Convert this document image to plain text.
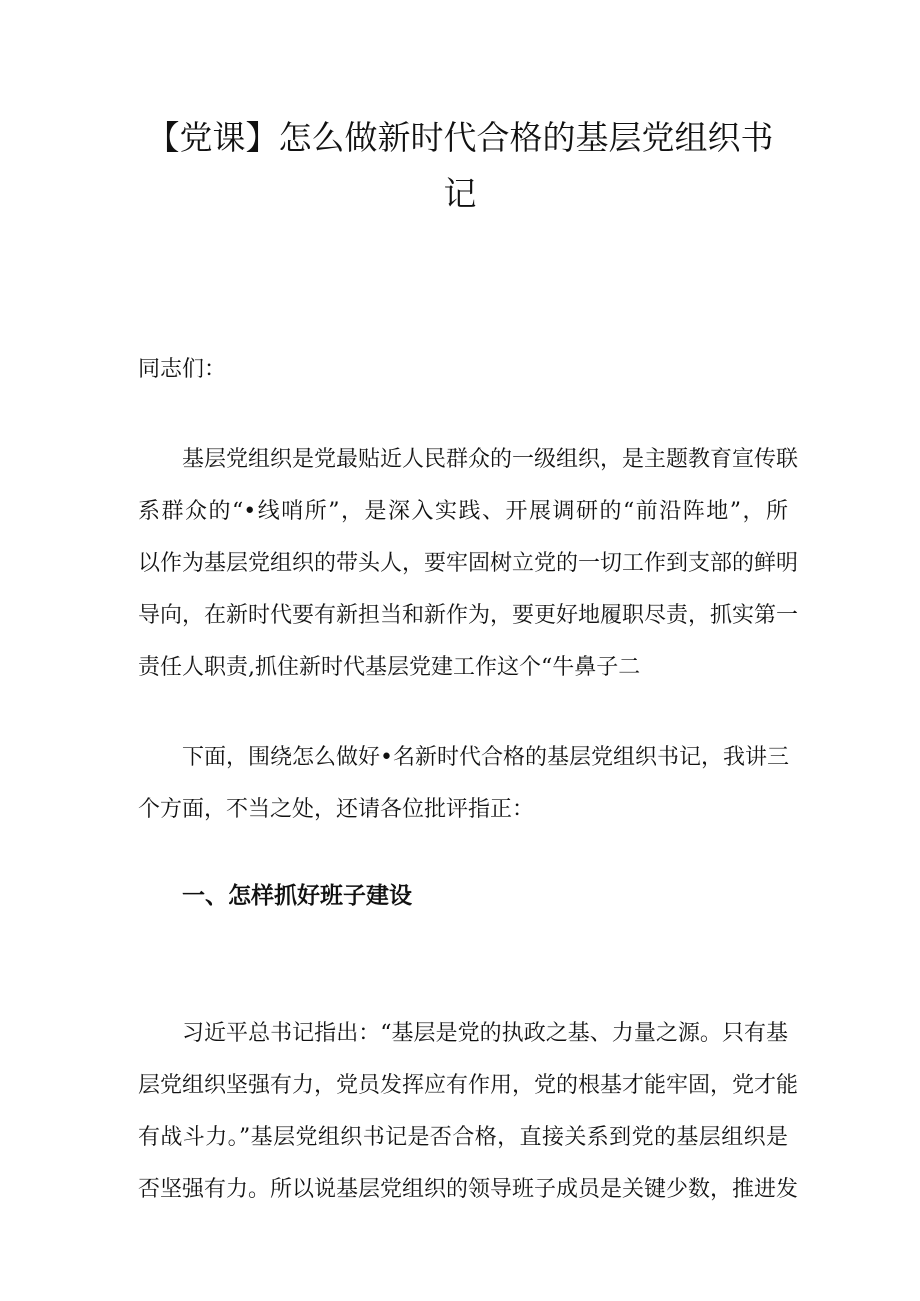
【党课】怎么做新时代合格的基层党组织书
记

同志们：

基层党组织是党最贴近人民群众的一级组织，是主题教育宣传联
系群众的“•线哨所”，是深入实践、开展调研的“前沿阵地”，所
以作为基层党组织的带头人，要牢固树立党的一切工作到支部的鲜明
导向，在新时代要有新担当和新作为，要更好地履职尽责，抓实第一
责任人职责,抓住新时代基层党建工作这个“牛鼻子二
下面，围绕怎么做好•名新时代合格的基层党组织书记，我讲三
个方面，不当之处，还请各位批评指正：
一、怎样抓好班子建设
习近平总书记指出：“基层是党的执政之基、力量之源。只有基
层党组织坚强有力，党员发挥应有作用，党的根基才能牢固，党才能
有战斗力。”基层党组织书记是否合格，直接关系到党的基层组织是
否坚强有力。所以说基层党组织的领导班子成员是关键少数，推进发
